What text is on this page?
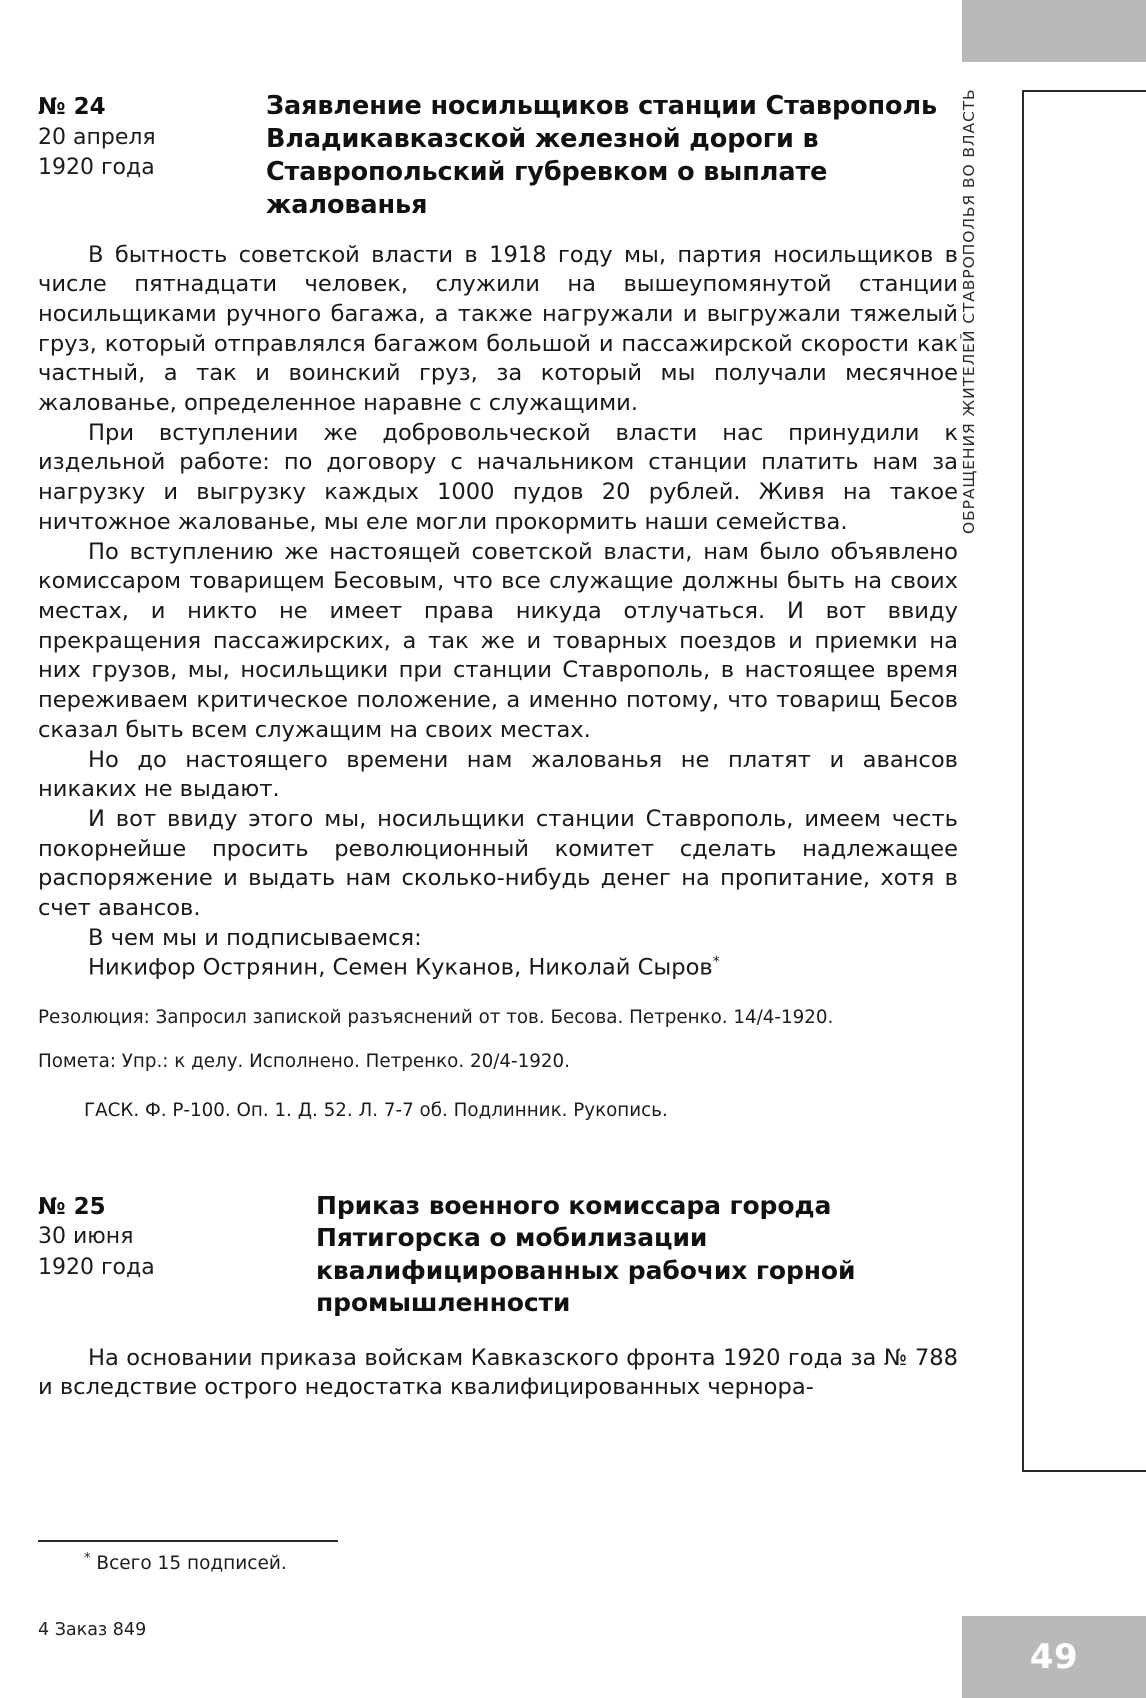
ОБРАЩЕНИЯ ЖИТЕЛЕЙ СТАВРОПОЛЬЯ ВО ВЛАСТЬ
№ 24
20 апреля
1920 года
Заявление носильщиков станции Ставрополь Владикавказской железной дороги в Ставропольский губревком о выплате жалованья

В бытность советской власти в 1918 году мы, партия носильщиков в числе пятнадцати человек, служили на вышеупомянутой станции носильщиками ручного багажа, а также нагружали и выгружали тяжелый груз, который отправлялся багажом большой и пассажирской скорости как частный, а так и воинский груз, за который мы получали месячное жалованье, определенное наравне с служащими.

При вступлении же добровольческой власти нас принудили к издельной работе: по договору с начальником станции платить нам за нагрузку и выгрузку каждых 1000 пудов 20 рублей. Живя на такое ничтожное жалованье, мы еле могли прокормить наши семейства.

По вступлению же настоящей советской власти, нам было объявлено комиссаром товарищем Бесовым, что все служащие должны быть на своих местах, и никто не имеет права никуда отлучаться. И вот ввиду прекращения пассажирских, а так же и товарных поездов и приемки на них грузов, мы, носильщики при станции Ставрополь, в настоящее время переживаем критическое положение, а именно потому, что товарищ Бесов сказал быть всем служащим на своих местах.

Но до настоящего времени нам жалованья не платят и авансов никаких не выдают.

И вот ввиду этого мы, носильщики станции Ставрополь, имеем честь покорнейше просить революционный комитет сделать надлежащее распоряжение и выдать нам сколько-нибудь денег на пропитание, хотя в счет авансов.

В чем мы и подписываемся:

Никифор Острянин, Семен Куканов, Николай Сыров*

Резолюция: Запросил запиской разъяснений от тов. Бесова. Петренко. 14/4-1920.
Помета: Упр.: к делу. Исполнено. Петренко. 20/4-1920.
ГАСК. Ф. Р-100. Оп. 1. Д. 52. Л. 7-7 об. Подлинник. Рукопись.
№ 25
30 июня
1920 года
Приказ военного комиссара города Пятигорска о мобилизации квалифицированных рабочих горной промышленности

На основании приказа войскам Кавказского фронта 1920 года за № 788 и вследствие острого недостатка квалифицированных чернора-

* Всего 15 подписей.
4 Заказ 849
49
